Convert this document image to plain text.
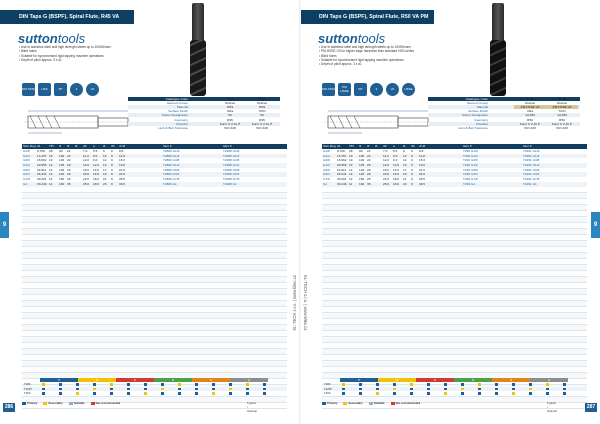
DIN Taps G (BSPF), Spiral Flute, R45 VA
suttontools
• Use in stainless steel and high strength steels up to 1000N/mm²
• Blind holes
• Suitable for synchronised rigid tapping machine operations
• Depth of pitch approx. 3 x d1
DIN 5156	HSS	45°	3	VA
Catalogue Code	T286	T2287
Element Group	Drainst	Drainst
Material	HSS	HSS
Surface Finish	Ultra	TiCN
Sutton Designation	VA	VA
Geometry	R45	R45
Chamfer	Form C 2-3x P	Form C 2-3x P
Limit & Bolt Tolerance	ISO 228	ISO 228
Size Reg. d1	TPI l1 l2 l3 d2 a	l4 d3 dr Ø	Item #	Item #
G1/8 9.728 28 90 22	7.0 5.5 6 6 8.8	T2869 G1/8	T2288 G1/8
G1/4 13.157 19 100 22	11.0 9.0 12 9 11.8	T2869 G1/4	T2288 G1/4
G3/8 16.662 19 100 22	12.0 9.0 12 9 15.3	T2869 G3/8	T2288 G3/8
G1/2 20.955 14 125 29	16.0 12.0 13 9 19.0	T2869 G1/2	T2288 G1/2
G5/8 22.911 14 125 29	18.0 14.5 17 9 21.0	T2869 G5/8	T2288 G5/8
G3/4 26.441 14 140 29	20.0 16.0 19 9 24.5	T2869 G3/4	T2288 G3/4
G7/8 30.201 14 150 29	22.0 18.0 21 9 28.5	T2869 G7/8	T2288 G7/8
G1	33.249 11 160 35	25.0 20.0 23 9 30.5	T2869 G1	T2288 G1
P	M	K	N	S	H
T286
T2287
T290
Primary	Secondary	Suitable	Not recommended	Typical / Optimal
286
9
KL-TECH s.r.o. | www.kltec.cz
DIN Taps G (BSPF), Spiral Flute, R50 VA PM
suttontools
• Use in stainless steel and high strength steels up to 1000N/mm²
• PM-HSSE-V3 for higher edge hardness than standard HSS series
• Blind holes
• Suitable for synchronised rigid tapping machine operations
• Depth of pitch approx. 3 x d1
DIN 5156	PM HSSE	50°	3	VA	HSSE
Catalogue Code	T290	T2291
Element Group	Drainst	Drainst
Material	PM-HSSE V3	PM-HSSE V3
Surface Finish	Ultra	TiCN
Sutton Designation	VA PM	VA PM
Geometry	R50	R50
Chamfer	Form C 2-3x P	Form C 2-3x P
Limit & Bolt Tolerance	ISO 228	ISO 228
Size Reg. d1	TPI l1 l2 l3 d2 a	l4 d3 dr Ø	Item #	Item #
G1/8 9.728 28 90 22	7.0 5.5 6 6 8.8	T290 G1/8	T2291 G1/8
G1/4 13.157 19 100 22	11.0 9.0 12 9 11.8	T290 G1/4	T2291 G1/4
G3/8 16.662 19 100 22	12.0 9.0 12 9 15.3	T290 G3/8	T2291 G3/8
G1/2 20.955 14 125 29	16.0 12.0 13 9 19.0	T290 G1/2	T2291 G1/2
G5/8 22.911 14 125 29	18.0 14.5 17 9 21.0	T290 G5/8	T2291 G5/8
G3/4 26.441 14 140 29	20.0 16.0 19 9 24.5	T290 G3/4	T2291 G3/4
G7/8 30.201 14 150 29	22.0 18.0 21 9 28.5	T290 G7/8	T2291 G7/8
G1	33.249 11 160 35	25.0 20.0 23 9 30.5	T290 G1	T2291 G1
P	M	K	N	S	H
T286
T2287
T290
Primary	Secondary	Suitable	Not recommended	Typical / Optimal
287
9
KL-TECH s.r.o. | www.kltec.cz
